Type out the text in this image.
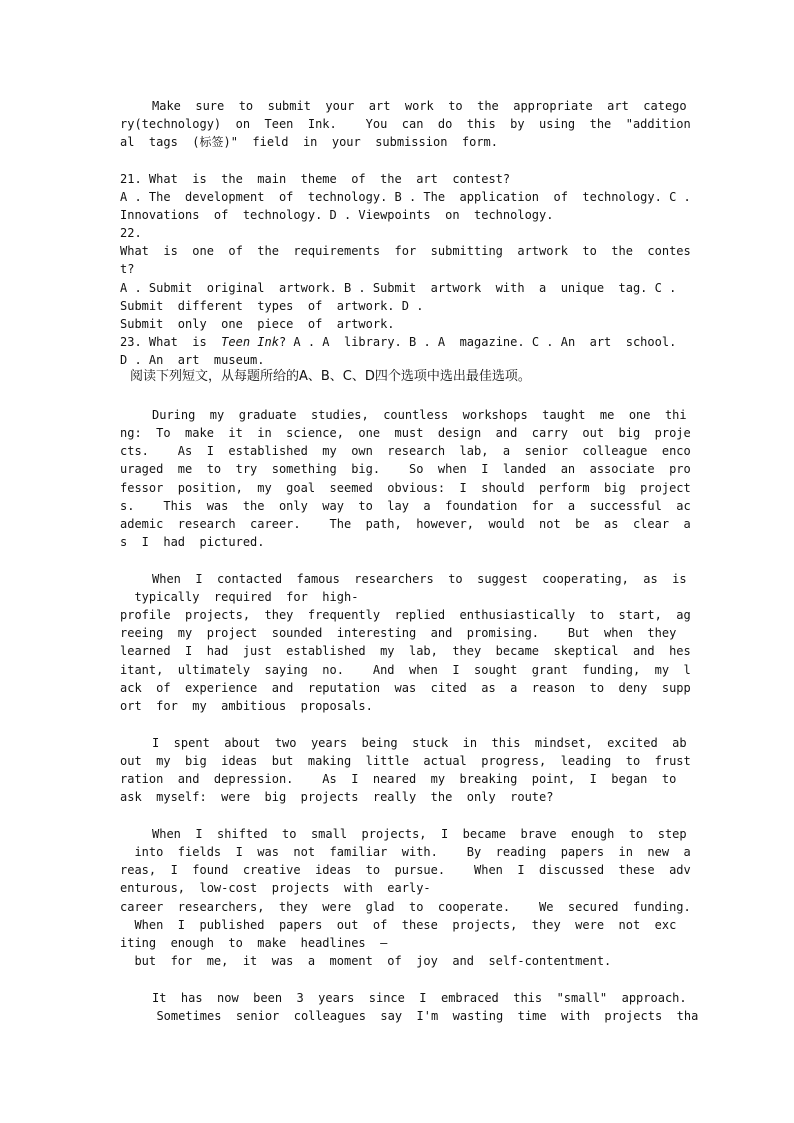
Make  sure  to  submit  your  art  work  to  the  appropriate  art  catego
ry(technology)  on  Teen  Ink.    You  can  do  this  by  using  the  "addition
al  tags  (标签)"  field  in  your  submission  form.
21. What  is  the  main  theme  of  the  art  contest?
A . The  development  of  technology. B . The  application  of  technology. C .
Innovations  of  technology. D . Viewpoints  on  technology.
22.
What  is  one  of  the  requirements  for  submitting  artwork  to  the  contes
t?
A . Submit  original  artwork. B . Submit  artwork  with  a  unique  tag. C .
Submit  different  types  of  artwork. D .
Submit  only  one  piece  of  artwork.
23. What  is  Teen Ink? A . A  library. B . A  magazine. C . An  art  school.
D . An  art  museum.
阅读下列短文，从每题所给的A、B、C、D四个选项中选出最佳选项。
During  my  graduate  studies,  countless  workshops  taught  me  one  thi
ng:  To  make  it  in  science,  one  must  design  and  carry  out  big  proje
cts.    As  I  established  my  own  research  lab,  a  senior  colleague  enco
uraged  me  to  try  something  big.    So  when  I  landed  an  associate  pro
fessor  position,  my  goal  seemed  obvious:  I  should  perform  big  project
s.    This  was  the  only  way  to  lay  a  foundation  for  a  successful  ac
ademic  research  career.    The  path,  however,  would  not  be  as  clear  a
s  I  had  pictured.
When  I  contacted  famous  researchers  to  suggest  cooperating,  as  is
typically  required  for  high-
profile  projects,  they  frequently  replied  enthusiastically  to  start,  ag
reeing  my  project  sounded  interesting  and  promising.    But  when  they
learned  I  had  just  established  my  lab,  they  became  skeptical  and  hes
itant,  ultimately  saying  no.    And  when  I  sought  grant  funding,  my  l
ack  of  experience  and  reputation  was  cited  as  a  reason  to  deny  supp
ort  for  my  ambitious  proposals.
I  spent  about  two  years  being  stuck  in  this  mindset,  excited  ab
out  my  big  ideas  but  making  little  actual  progress,  leading  to  frust
ration  and  depression.    As  I  neared  my  breaking  point,  I  began  to
ask  myself:  were  big  projects  really  the  only  route?
When  I  shifted  to  small  projects,  I  became  brave  enough  to  step
into  fields  I  was  not  familiar  with.    By  reading  papers  in  new  a
reas,  I  found  creative  ideas  to  pursue.    When  I  discussed  these  adv
enturous,  low-cost  projects  with  early-
career  researchers,  they  were  glad  to  cooperate.    We  secured  funding.
When  I  published  papers  out  of  these  projects,  they  were  not  exc
iting  enough  to  make  headlines  —
but  for  me,  it  was  a  moment  of  joy  and  self-contentment.
It  has  now  been  3  years  since  I  embraced  this  "small"  approach.
Sometimes  senior  colleagues  say  I'm  wasting  time  with  projects  tha
